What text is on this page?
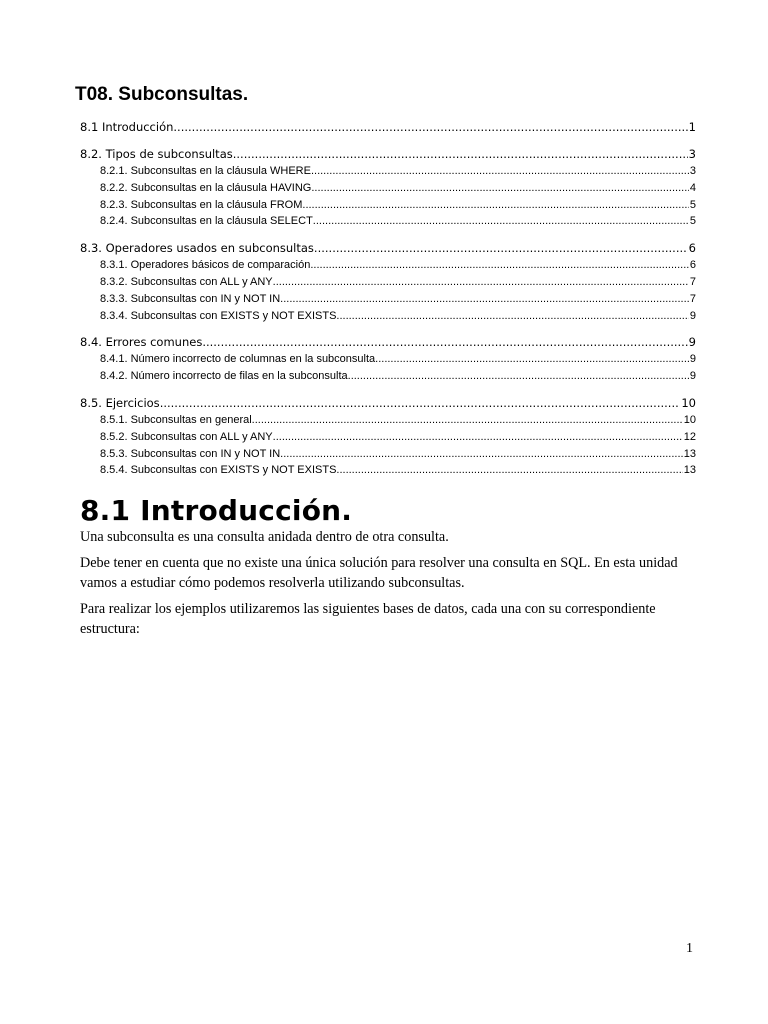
T08. Subconsultas.
8.1 Introducción .....	1
8.2. Tipos de subconsultas .....	3
8.2.1. Subconsultas en la cláusula WHERE .....	3
8.2.2. Subconsultas en la cláusula HAVING .....	4
8.2.3. Subconsultas en la cláusula FROM .....	5
8.2.4. Subconsultas en la cláusula SELECT .....	5
8.3. Operadores usados en subconsultas .....	6
8.3.1. Operadores básicos de comparación .....	6
8.3.2. Subconsultas con ALL y ANY .....	7
8.3.3. Subconsultas con IN y NOT IN .....	7
8.3.4. Subconsultas con EXISTS y NOT EXISTS .....	9
8.4. Errores comunes .....	9
8.4.1. Número incorrecto de columnas en la subconsulta .....	9
8.4.2. Número incorrecto de filas en la subconsulta .....	9
8.5. Ejercicios .....	10
8.5.1. Subconsultas en general .....	10
8.5.2. Subconsultas con ALL y ANY .....	12
8.5.3. Subconsultas con IN y NOT IN .....	13
8.5.4. Subconsultas con EXISTS y NOT EXISTS .....	13
8.1 Introducción.

Una subconsulta es una consulta anidada dentro de otra consulta.

Debe tener en cuenta que no existe una única solución para resolver una consulta en SQL. En esta unidad vamos a estudiar cómo podemos resolverla utilizando subconsultas.

Para realizar los ejemplos utilizaremos las siguientes bases de datos, cada una con su correspondiente estructura:

1
